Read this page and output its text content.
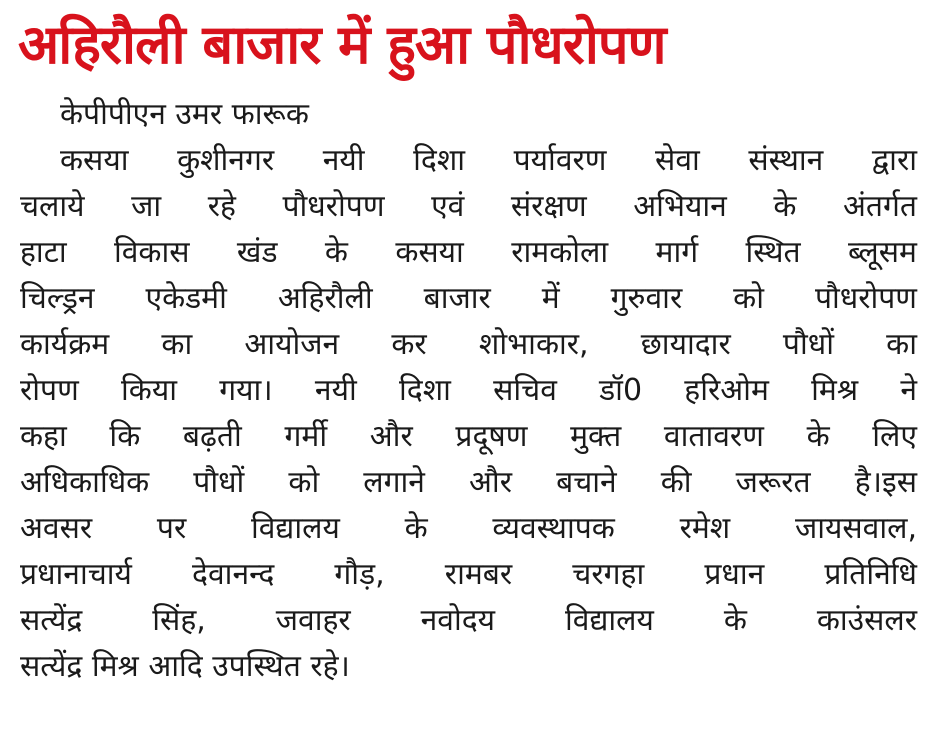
अहिरौली बाजार में हुआ पौधरोपण
केपीपीएन उमर फारूक
कसया कुशीनगर नयी दिशा पर्यावरण सेवा संस्थान द्वारा
चलाये जा रहे पौधरोपण एवं संरक्षण अभियान के अंतर्गत
हाटा विकास खंड के कसया रामकोला मार्ग स्थित ब्लूसम
चिल्ड्रन एकेडमी अहिरौली बाजार में गुरुवार को पौधरोपण
कार्यक्रम का आयोजन कर शोभाकार, छायादार पौधों का
रोपण किया गया। नयी दिशा सचिव डॉ0 हरिओम मिश्र ने
कहा कि बढ़ती गर्मी और प्रदूषण मुक्त वातावरण के लिए
अधिकाधिक पौधों को लगाने और बचाने की जरूरत है।इस
अवसर पर विद्यालय के व्यवस्थापक रमेश जायसवाल,
प्रधानाचार्य देवानन्द गौड़, रामबर चरगहा प्रधान प्रतिनिधि
सत्येंद्र सिंह, जवाहर नवोदय विद्यालय के काउंसलर
सत्येंद्र मिश्र आदि उपस्थित रहे।
